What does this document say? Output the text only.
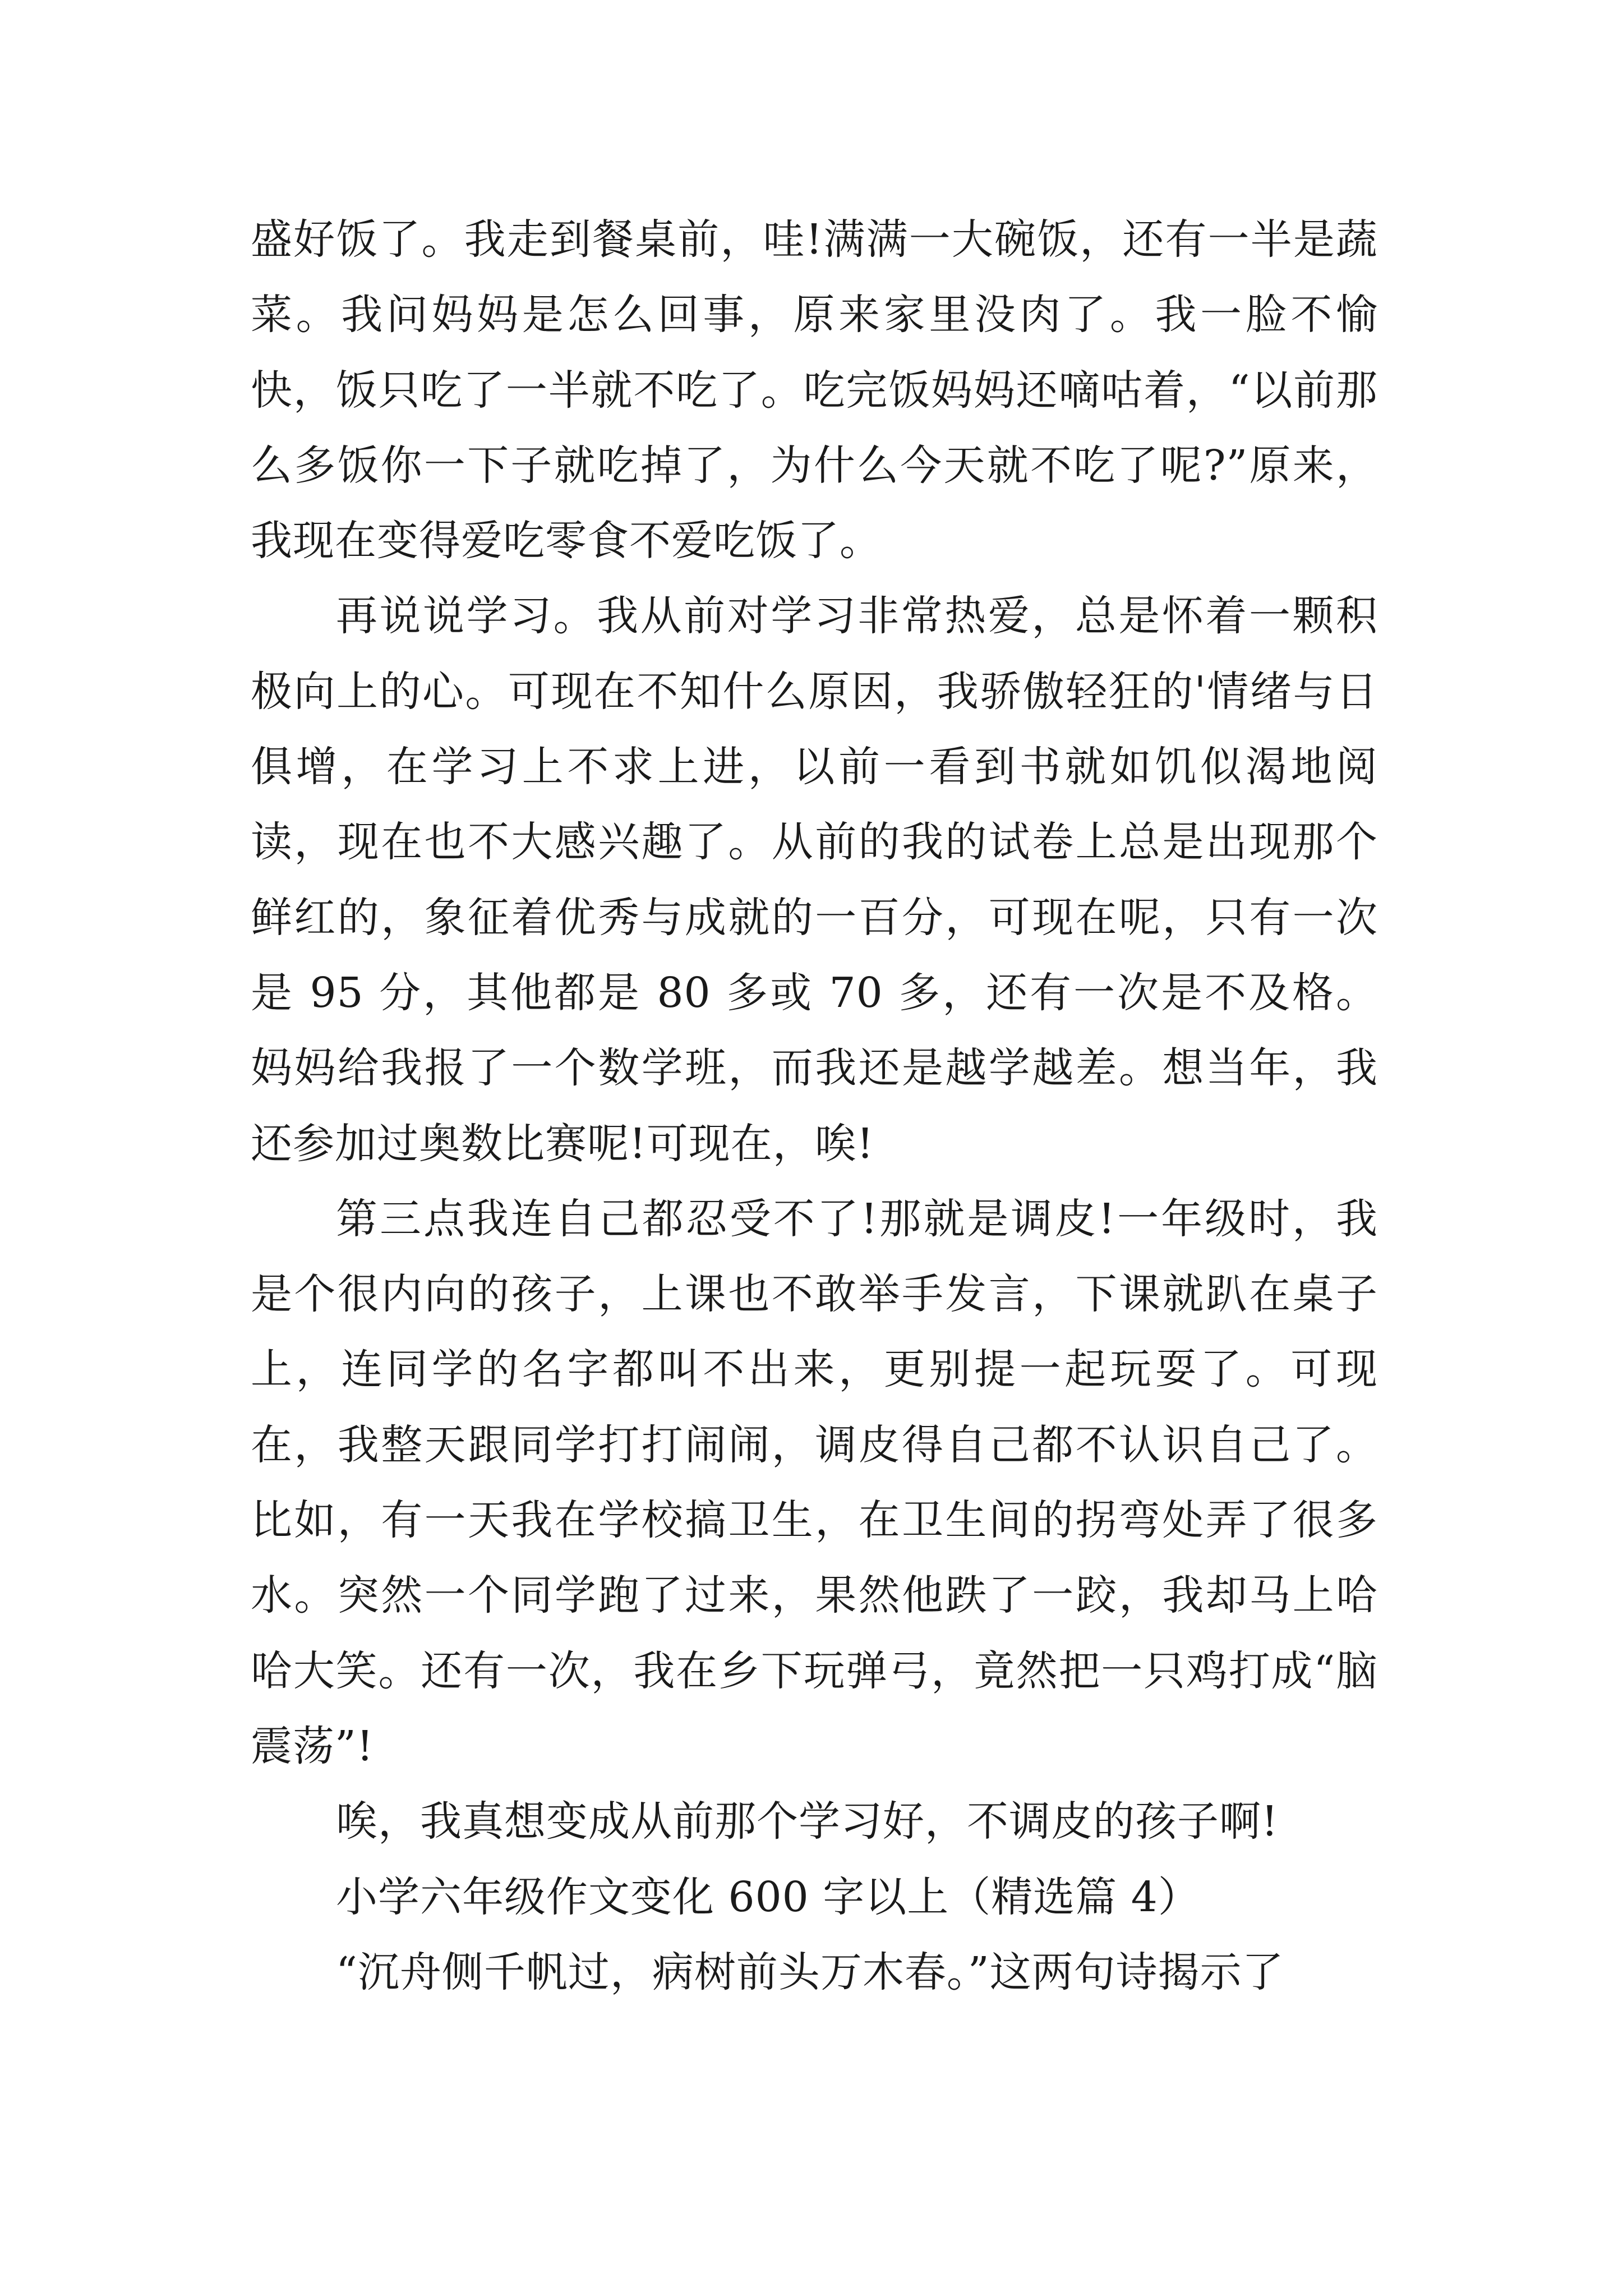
盛好饭了。我走到餐桌前，哇!满满一大碗饭，还有一半是蔬菜。我问妈妈是怎么回事，原来家里没肉了。我一脸不愉快，饭只吃了一半就不吃了。吃完饭妈妈还嘀咕着，“以前那么多饭你一下子就吃掉了，为什么今天就不吃了呢?”原来，我现在变得爱吃零食不爱吃饭了。

再说说学习。我从前对学习非常热爱，总是怀着一颗积极向上的心。可现在不知什么原因，我骄傲轻狂的'情绪与日俱增，在学习上不求上进，以前一看到书就如饥似渴地阅读，现在也不大感兴趣了。从前的我的试卷上总是出现那个鲜红的，象征着优秀与成就的一百分，可现在呢，只有一次是 95 分，其他都是 80 多或 70 多，还有一次是不及格。妈妈给我报了一个数学班，而我还是越学越差。想当年，我还参加过奥数比赛呢!可现在，唉!

第三点我连自己都忍受不了!那就是调皮!一年级时，我是个很内向的孩子，上课也不敢举手发言，下课就趴在桌子上，连同学的名字都叫不出来，更别提一起玩耍了。可现在，我整天跟同学打打闹闹，调皮得自己都不认识自己了。比如，有一天我在学校搞卫生，在卫生间的拐弯处弄了很多水。突然一个同学跑了过来，果然他跌了一跤，我却马上哈哈大笑。还有一次，我在乡下玩弹弓，竟然把一只鸡打成“脑震荡”!

唉，我真想变成从前那个学习好，不调皮的孩子啊!

小学六年级作文变化 600 字以上（精选篇 4）

“沉舟侧千帆过，病树前头万木春。”这两句诗揭示了
